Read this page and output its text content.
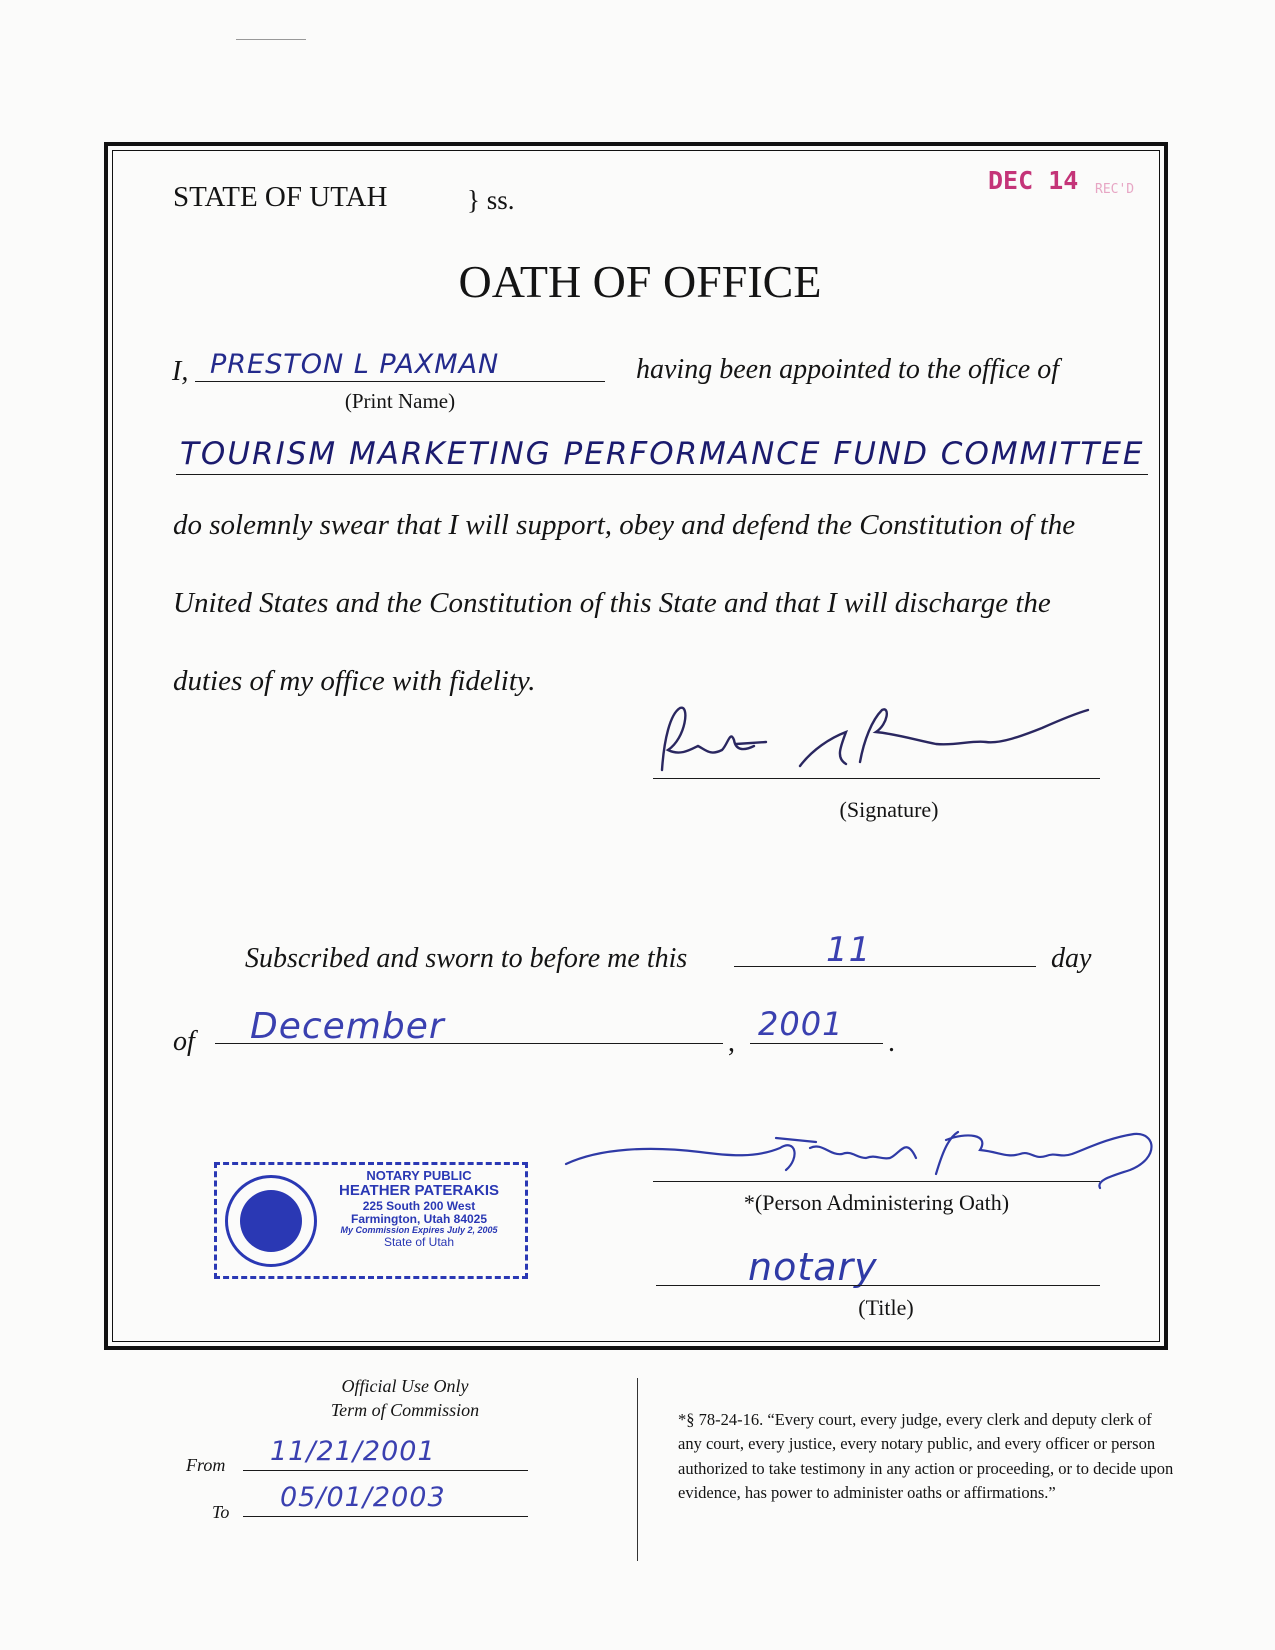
STATE OF UTAH	} ss.
DEC 14 REC'D
OATH OF OFFICE
I, PRESTON L PAXMAN
(Print Name)
having been appointed to the office of
TOURISM MARKETING PERFORMANCE FUND COMMITTEE
do solemnly swear that I will support, obey and defend the Constitution of the
United States and the Constitution of this State and that I will discharge the
duties of my office with fidelity.
(Signature)
Subscribed and sworn to before me this	11	day
of December	, 2001 .
NOTARY PUBLIC
HEATHER PATERAKIS
225 South 200 West
Farmington, Utah 84025
My Commission Expires July 2, 2005
State of Utah
*(Person Administering Oath)
notary
(Title)
Official Use Only
Term of Commission
From 11/21/2001
To 05/01/2003
*§ 78-24-16. “Every court, every judge, every clerk and deputy clerk of any court, every justice, every notary public, and every officer or person authorized to take testimony in any action or proceeding, or to decide upon evidence, has power to administer oaths or affirmations.”
